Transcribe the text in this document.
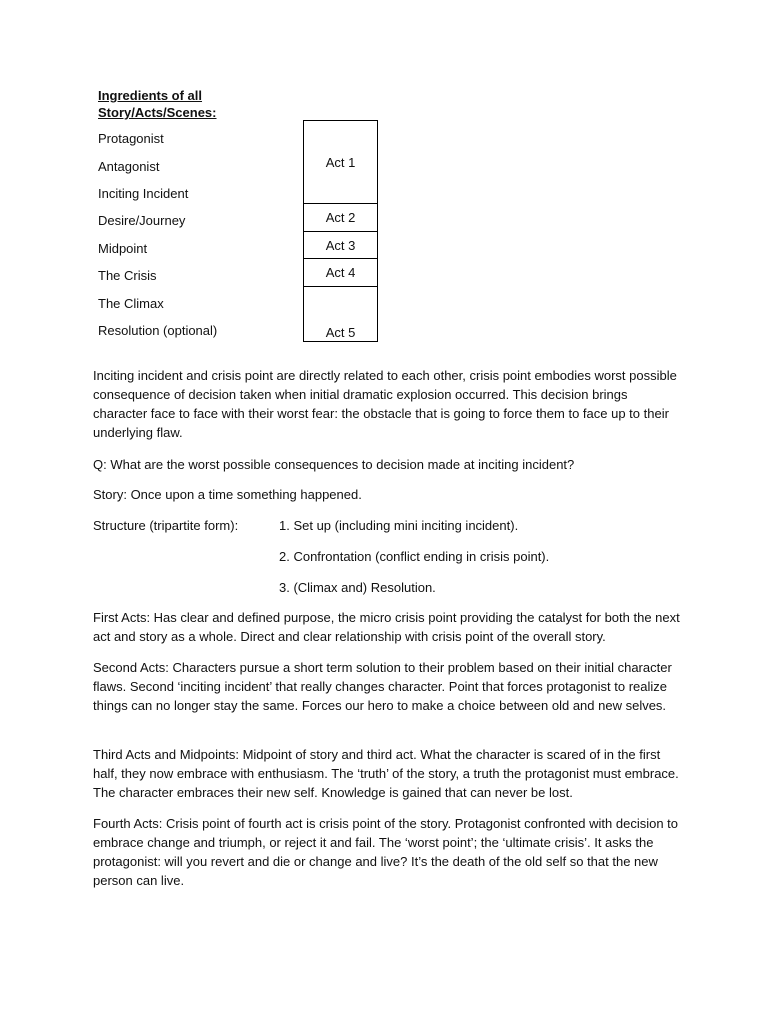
Ingredients of all
Story/Acts/Scenes:
Protagonist
Antagonist
Inciting Incident
Desire/Journey
Midpoint
The Crisis
The Climax
Resolution (optional)
Act 1
Act 2
Act 3
Act 4
Act 5
Inciting incident and crisis point are directly related to each other, crisis point embodies worst possible consequence of decision taken when initial dramatic explosion occurred. This decision brings character face to face with their worst fear: the obstacle that is going to force them to face up to their underlying flaw.
Q: What are the worst possible consequences to decision made at inciting incident?
Story: Once upon a time something happened.
Structure (tripartite form):	1. Set up (including mini inciting incident).
2. Confrontation (conflict ending in crisis point).
3. (Climax and) Resolution.
First Acts: Has clear and defined purpose, the micro crisis point providing the catalyst for both the next act and story as a whole. Direct and clear relationship with crisis point of the overall story.
Second Acts: Characters pursue a short term solution to their problem based on their initial character flaws. Second ‘inciting incident’ that really changes character. Point that forces protagonist to realize things can no longer stay the same. Forces our hero to make a choice between old and new selves.
Third Acts and Midpoints: Midpoint of story and third act. What the character is scared of in the first half, they now embrace with enthusiasm. The ‘truth’ of the story, a truth the protagonist must embrace. The character embraces their new self. Knowledge is gained that can never be lost.
Fourth Acts: Crisis point of fourth act is crisis point of the story. Protagonist confronted with decision to embrace change and triumph, or reject it and fail. The ‘worst point’; the ‘ultimate crisis’. It asks the protagonist: will you revert and die or change and live? It’s the death of the old self so that the new person can live.
